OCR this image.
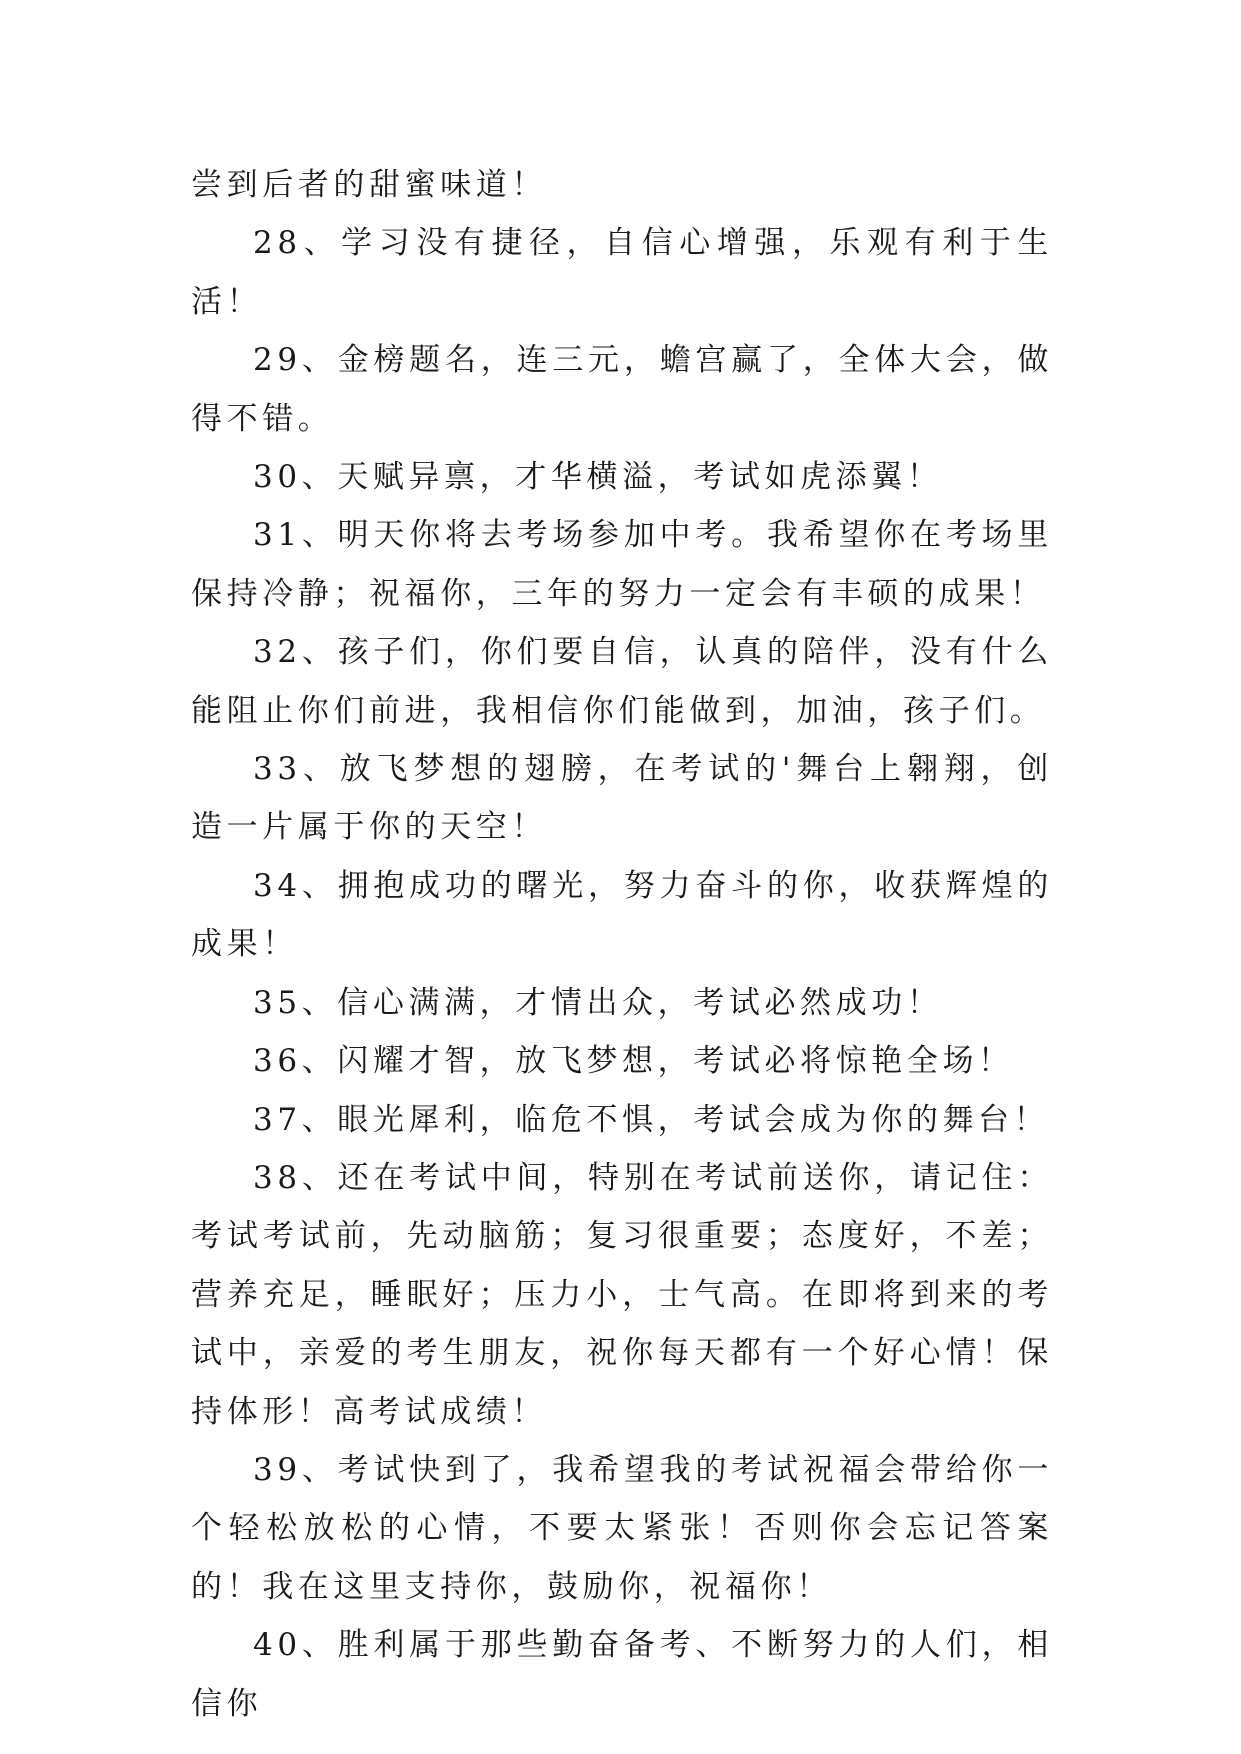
尝到后者的甜蜜味道！

28、学习没有捷径，自信心增强，乐观有利于生活！

29、金榜题名，连三元，蟾宫赢了，全体大会，做得不错。

30、天赋异禀，才华横溢，考试如虎添翼！

31、明天你将去考场参加中考。我希望你在考场里保持冷静；祝福你，三年的努力一定会有丰硕的成果！

32、孩子们，你们要自信，认真的陪伴，没有什么能阻止你们前进，我相信你们能做到，加油，孩子们。

33、放飞梦想的翅膀，在考试的'舞台上翱翔，创造一片属于你的天空！

34、拥抱成功的曙光，努力奋斗的你，收获辉煌的成果！

35、信心满满，才情出众，考试必然成功！

36、闪耀才智，放飞梦想，考试必将惊艳全场！

37、眼光犀利，临危不惧，考试会成为你的舞台！

38、还在考试中间，特别在考试前送你，请记住：考试考试前，先动脑筋；复习很重要；态度好，不差；营养充足，睡眠好；压力小，士气高。在即将到来的考试中，亲爱的考生朋友，祝你每天都有一个好心情！保持体形！高考试成绩！

39、考试快到了，我希望我的考试祝福会带给你一个轻松放松的心情，不要太紧张！否则你会忘记答案的！我在这里支持你，鼓励你，祝福你！

40、胜利属于那些勤奋备考、不断努力的人们，相信你
